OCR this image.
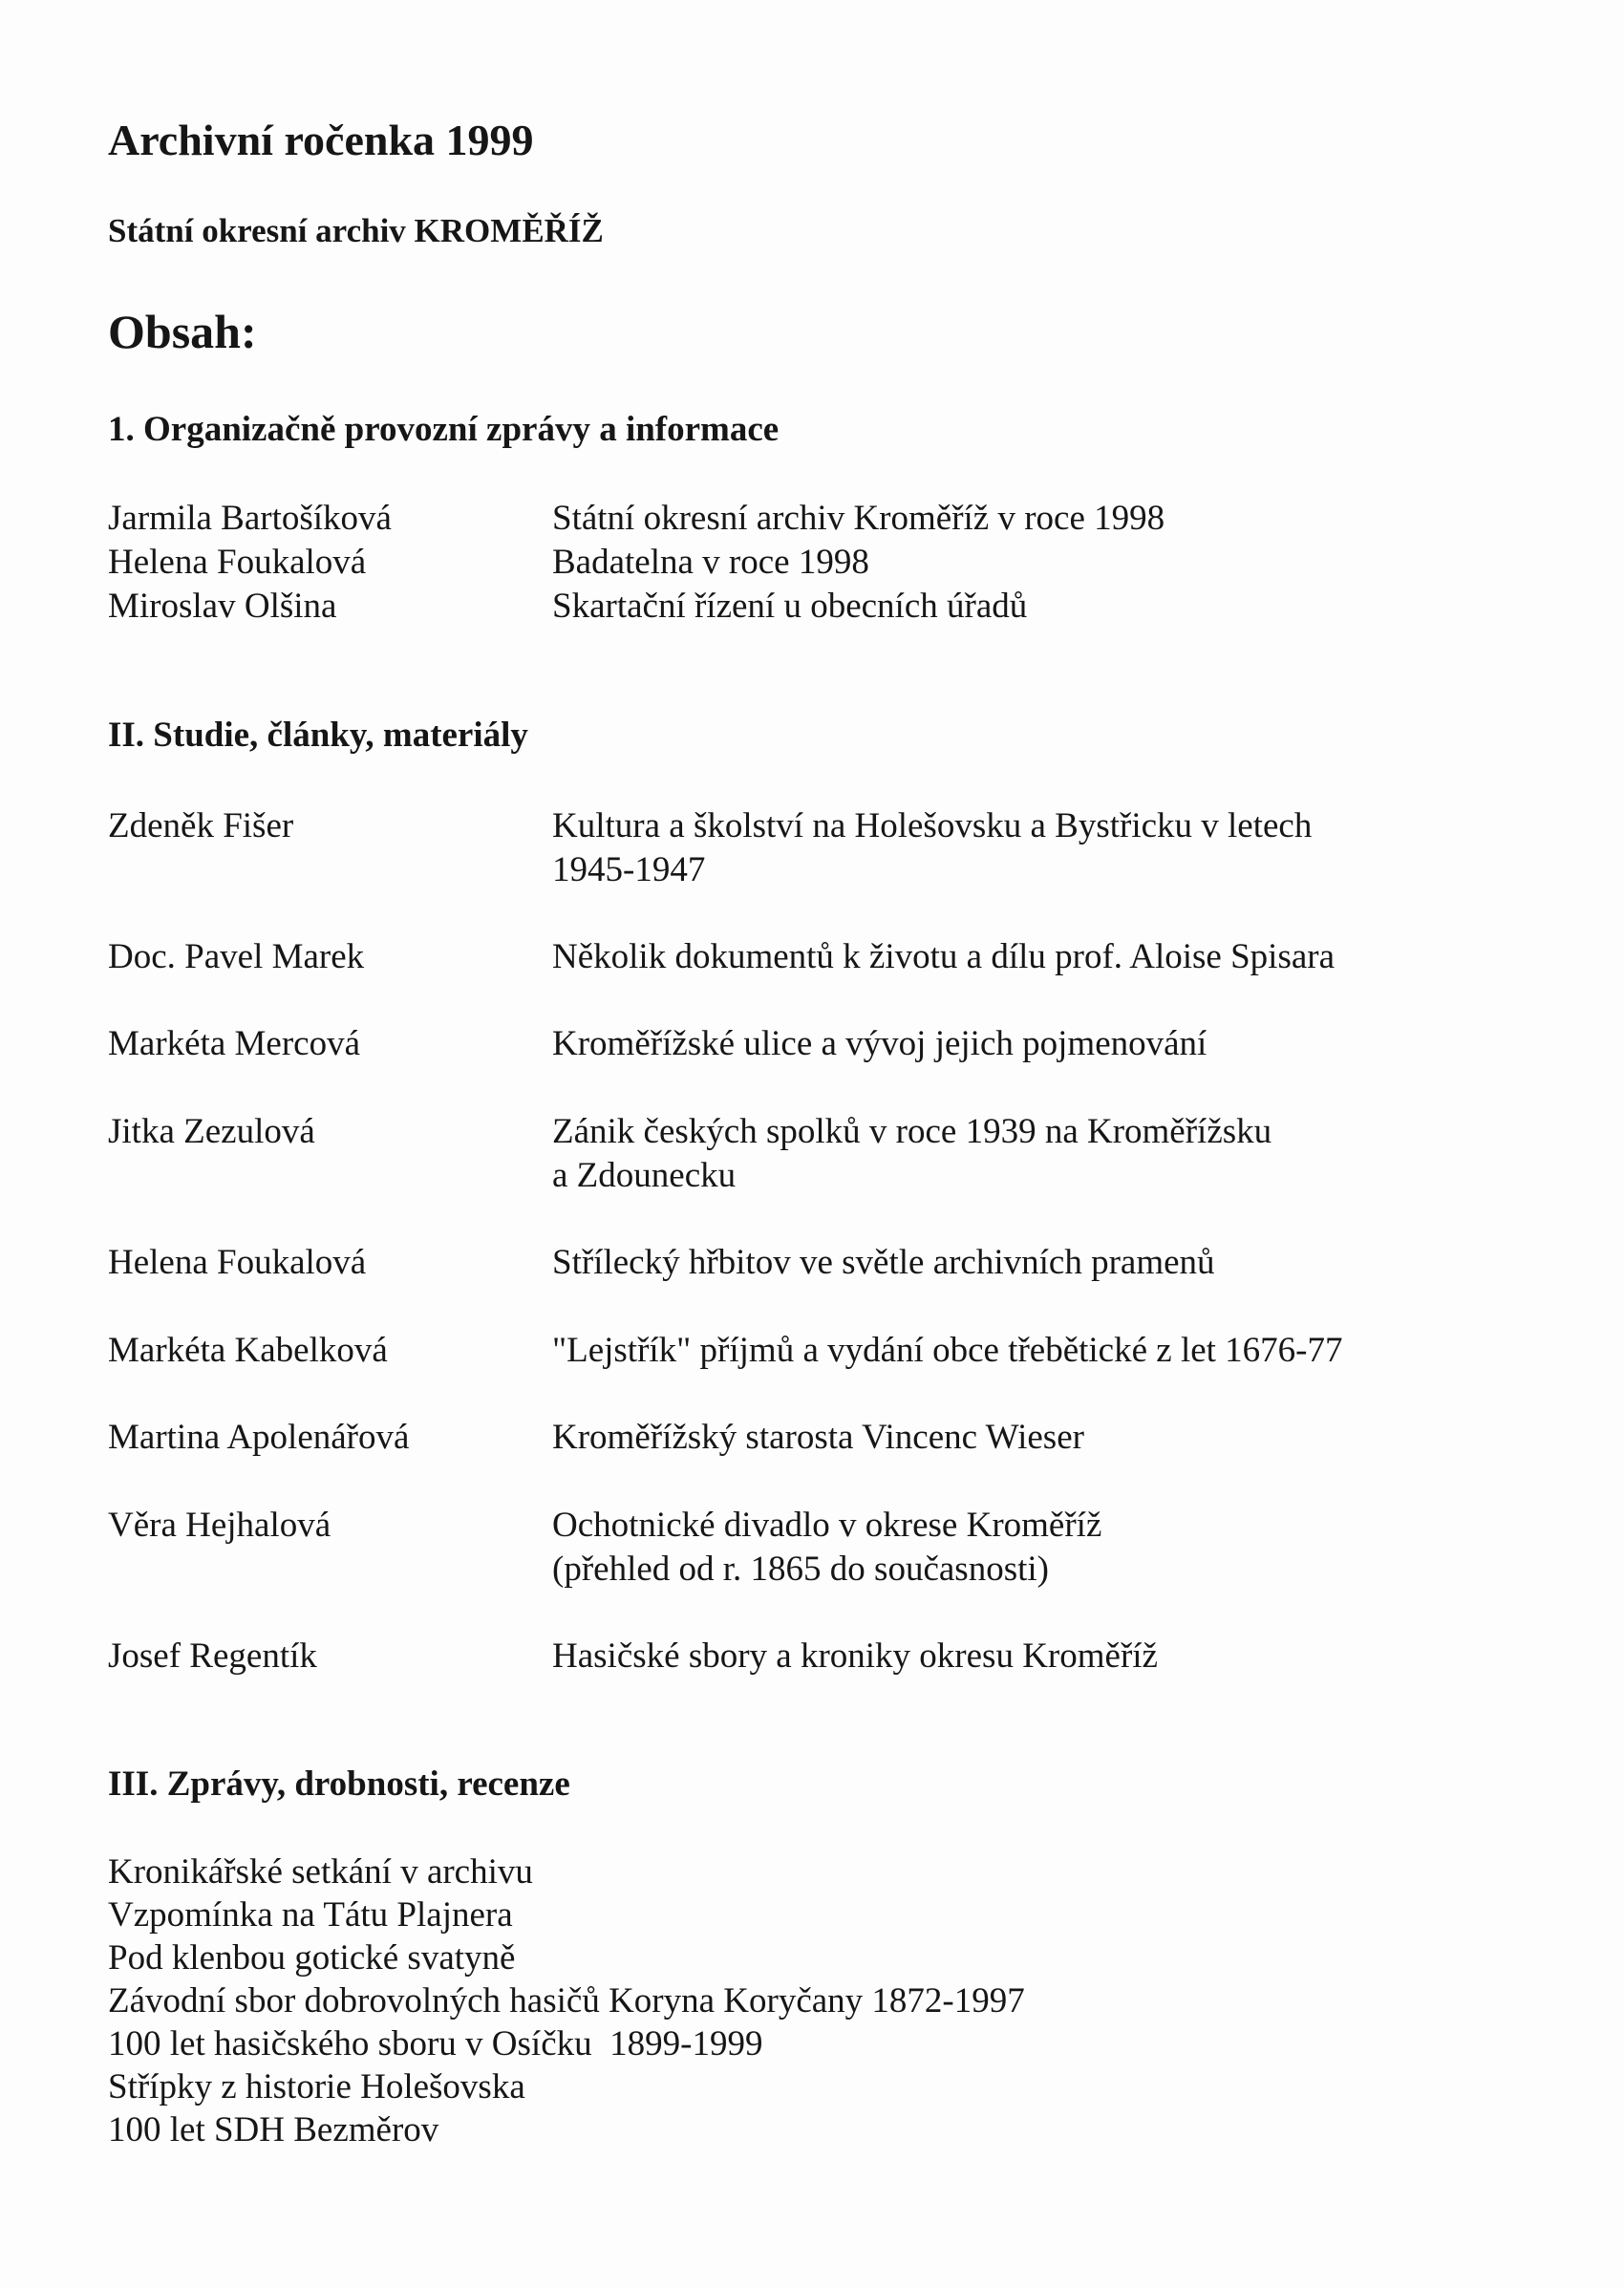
Archivní ročenka 1999
Státní okresní archiv KROMĚŘÍŽ
Obsah:
1. Organizačně provozní zprávy a informace
Jarmila Bartošíková	Státní okresní archiv Kroměříž v roce 1998
Helena Foukalová	Badatelna v roce 1998
Miroslav Olšina	Skartační řízení u obecních úřadů
II. Studie, články, materiály
Zdeněk Fišer	Kultura a školství na Holešovsku a Bystřicku v letech
1945-1947
Doc. Pavel Marek	Několik dokumentů k životu a dílu prof. Aloise Spisara
Markéta Mercová	Kroměřížské ulice a vývoj jejich pojmenování
Jitka Zezulová	Zánik českých spolků v roce 1939 na Kroměřížsku
a Zdounecku
Helena Foukalová	Střílecký hřbitov ve světle archivních pramenů
Markéta Kabelková	"Lejstřík" příjmů a vydání obce třebětické z let 1676-77
Martina Apolenářová	Kroměřížský starosta Vincenc Wieser
Věra Hejhalová	Ochotnické divadlo v okrese Kroměříž
(přehled od r. 1865 do současnosti)
Josef Regentík	Hasičské sbory a kroniky okresu Kroměříž
III. Zprávy, drobnosti, recenze
Kronikářské setkání v archivu
Vzpomínka na Tátu Plajnera
Pod klenbou gotické svatyně
Závodní sbor dobrovolných hasičů Koryna Koryčany 1872-1997
100 let hasičského sboru v Osíčku  1899-1999
Střípky z historie Holešovska
100 let SDH Bezměrov
